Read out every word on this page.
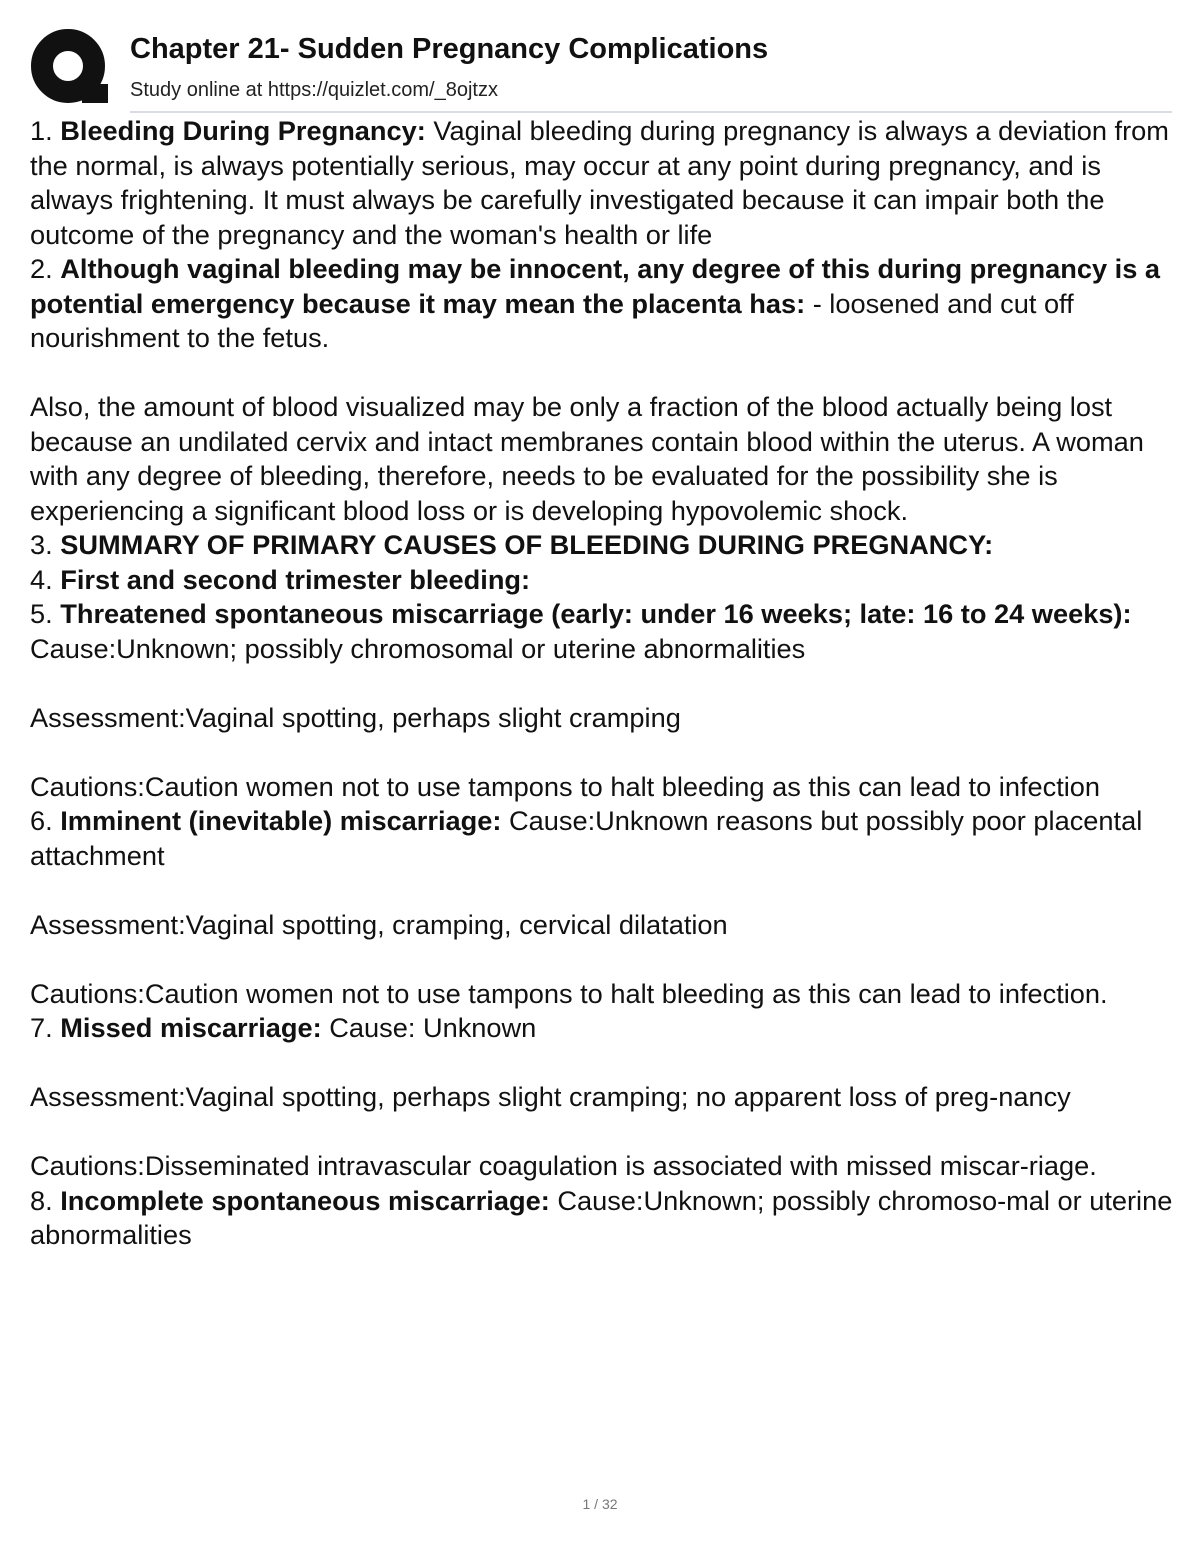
Chapter 21- Sudden Pregnancy Complications
Study online at https://quizlet.com/_8ojtzx

1. Bleeding During Pregnancy: Vaginal bleeding during pregnancy is always a deviation from the normal, is always potentially serious, may occur at any point during pregnancy, and is always frightening. It must always be carefully investigated because it can impair both the outcome of the pregnancy and the woman's health or life

2. Although vaginal bleeding may be innocent, any degree of this during pregnancy is a potential emergency because it may mean the placenta has: - loosened and cut off nourishment to the fetus.

Also, the amount of blood visualized may be only a fraction of the blood actually being lost because an undilated cervix and intact membranes contain blood within the uterus. A woman with any degree of bleeding, therefore, needs to be evaluated for the possibility she is experiencing a significant blood loss or is developing hypovolemic shock.

3. SUMMARY OF PRIMARY CAUSES OF BLEEDING DURING PREGNANCY:

4. First and second trimester bleeding:

5. Threatened spontaneous miscarriage (early: under 16 weeks; late: 16 to 24 weeks): Cause:Unknown; possibly chromosomal or uterine abnormalities

Assessment:Vaginal spotting, perhaps slight cramping

Cautions:Caution women not to use tampons to halt bleeding as this can lead to infection

6. Imminent (inevitable) miscarriage: Cause:Unknown reasons but possibly poor placental attachment

Assessment:Vaginal spotting, cramping, cervical dilatation

Cautions:Caution women not to use tampons to halt bleeding as this can lead to infection.

7. Missed miscarriage: Cause: Unknown

Assessment:Vaginal spotting, perhaps slight cramping; no apparent loss of preg-nancy

Cautions:Disseminated intravascular coagulation is associated with missed miscar-riage.

8. Incomplete spontaneous miscarriage: Cause:Unknown; possibly chromoso-mal or uterine abnormalities

1 / 32
